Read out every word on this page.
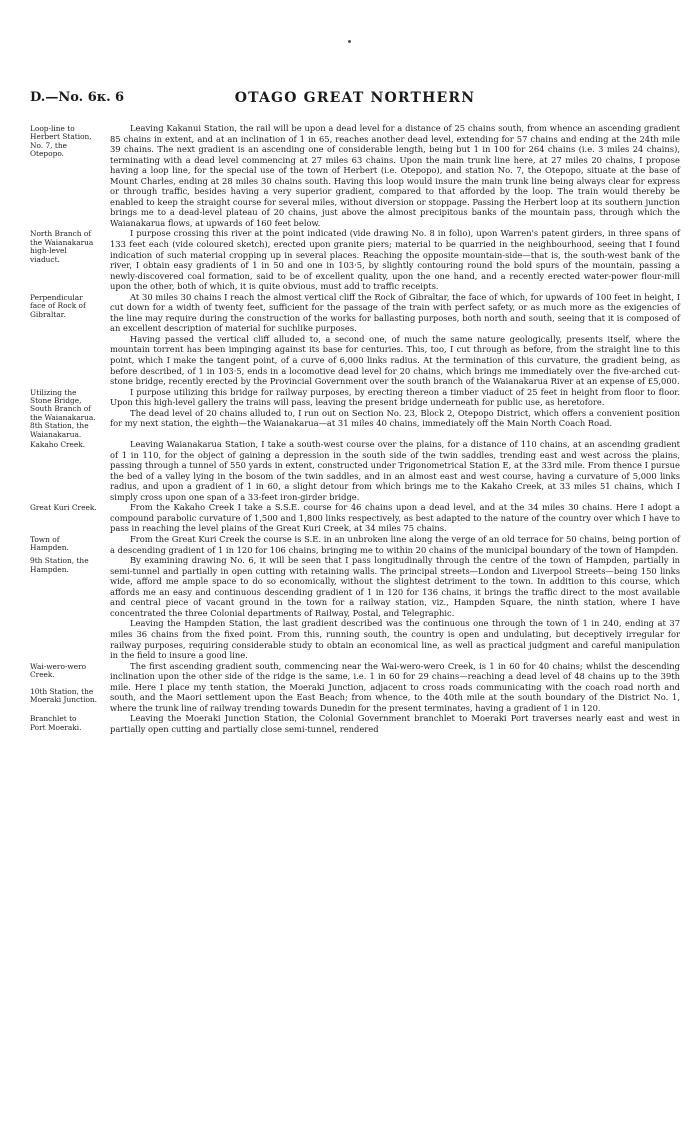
D.—No. 6ᴋ. 6	OTAGO GREAT NORTHERN
Loop-line to
Herbert Station,
No. 7, the
Otepopo.

Leaving Kakanui Station, the rail will be upon a dead level for a distance of 25 chains south, from whence an ascending gradient 85 chains in extent, and at an inclination of 1 in 65, reaches another dead level, extending for 57 chains and ending at the 24th mile 39 chains. The next gradient is an ascending one of considerable length, being but 1 in 100 for 264 chains (i.e. 3 miles 24 chains), terminating with a dead level commencing at 27 miles 63 chains. Upon the main trunk line here, at 27 miles 20 chains, I propose having a loop line, for the special use of the town of Herbert (i.e. Otepopo), and station No. 7, the Otepopo, situate at the base of Mount Charles, ending at 28 miles 30 chains south. Having this loop would insure the main trunk line being always clear for express or through traffic, besides having a very superior gradient, compared to that afforded by the loop. The train would thereby be enabled to keep the straight course for several miles, without diversion or stoppage. Passing the Herbert loop at its southern junction brings me to a dead-level plateau of 20 chains, just above the almost precipitous banks of the mountain pass, through which the Waianakarua flows, at upwards of 160 feet below.

North Branch of
the Waianakarua
high-level
viaduct.

I purpose crossing this river at the point indicated (vide drawing No. 8 in folio), upon Warren's patent girders, in three spans of 133 feet each (vide coloured sketch), erected upon granite piers; material to be quarried in the neighbourhood, seeing that I found indication of such material cropping up in several places. Reaching the opposite mountain-side—that is, the south-west bank of the river, I obtain easy gradients of 1 in 50 and one in 103·5, by slightly contouring round the bold spurs of the mountain, passing a newly-discovered coal formation, said to be of excellent quality, upon the one hand, and a recently erected water-power flour-mill upon the other, both of which, it is quite obvious, must add to traffic receipts.

Perpendicular
face of Rock of
Gibraltar.

At 30 miles 30 chains I reach the almost vertical cliff the Rock of Gibraltar, the face of which, for upwards of 100 feet in height, I cut down for a width of twenty feet, sufficient for the passage of the train with perfect safety, or as much more as the exigencies of the line may require during the construction of the works for ballasting purposes, both north and south, seeing that it is composed of an excellent description of material for suchlike purposes.

Having passed the vertical cliff alluded to, a second one, of much the same nature geologically, presents itself, where the mountain torrent has been impinging against its base for centuries. This, too, I cut through as before, from the straight line to this point, which I make the tangent point, of a curve of 6,000 links radius. At the termination of this curvature, the gradient being, as before described, of 1 in 103·5, ends in a locomotive dead level for 20 chains, which brings me immediately over the five-arched cut-stone bridge, recently erected by the Provincial Government over the south branch of the Waianakarua River at an expense of £5,000.

Utilizing the
Stone Bridge,
South Branch of
the Waianakarua.
8th Station, the
Waianakarua.

I purpose utilizing this bridge for railway purposes, by erecting thereon a timber viaduct of 25 feet in height from floor to floor. Upon this high-level gallery the trains will pass, leaving the present bridge underneath for public use, as heretofore.

The dead level of 20 chains alluded to, I run out on Section No. 23, Block 2, Otepopo District, which offers a convenient position for my next station, the eighth—the Waianakarua—at 31 miles 40 chains, immediately off the Main North Coach Road.

Kakaho Creek.	Leaving Waianakarua Station, I take a south-west course over the plains, for a distance of 110 chains, at an ascending gradient of 1 in 110, for the object of gaining a depression in the south side of the twin saddles, trending east and west across the plains, passing through a tunnel of 550 yards in extent, constructed under Trigonometrical Station E, at the 33rd mile. From thence I pursue the bed of a valley lying in the bosom of the twin saddles, and in an almost east and west course, having a curvature of 5,000 links radius, and upon a gradient of 1 in 60, a slight detour from which brings me to the Kakaho Creek, at 33 miles 51 chains, which I simply cross upon one span of a 33-feet iron-girder bridge.

Great Kuri Creek.	From the Kakaho Creek I take a S.S.E. course for 46 chains upon a dead level, and at the 34 miles 30 chains. Here I adopt a compound parabolic curvature of 1,500 and 1,800 links respectively, as best adapted to the nature of the country over which I have to pass in reaching the level plains of the Great Kuri Creek, at 34 miles 75 chains.

Town of
Hampden.

From the Great Kuri Creek the course is S.E. in an unbroken line along the verge of an old terrace for 50 chains, being portion of a descending gradient of 1 in 120 for 106 chains, bringing me to within 20 chains of the municipal boundary of the town of Hampden.

9th Station, the
Hampden.

By examining drawing No. 6, it will be seen that I pass longitudinally through the centre of the town of Hampden, partially in semi-tunnel and partially in open cutting with retaining walls. The principal streets—London and Liverpool Streets—being 150 links wide, afford me ample space to do so economically, without the slightest detriment to the town. In addition to this course, which affords me an easy and continuous descending gradient of 1 in 120 for 136 chains, it brings the traffic direct to the most available and central piece of vacant ground in the town for a railway station, viz., Hampden Square, the ninth station, where I have concentrated the three Colonial departments of Railway, Postal, and Telegraphic.

Leaving the Hampden Station, the last gradient described was the continuous one through the town of 1 in 240, ending at 37 miles 36 chains from the fixed point. From this, running south, the country is open and undulating, but deceptively irregular for railway purposes, requiring considerable study to obtain an economical line, as well as practical judgment and careful manipulation in the field to insure a good line.

Wai-wero-wero
Creek.

10th Station, the
Moeraki Junction.

The first ascending gradient south, commencing near the Wai-wero-wero Creek, is 1 in 60 for 40 chains; whilst the descending inclination upon the other side of the ridge is the same, i.e. 1 in 60 for 29 chains—reaching a dead level of 48 chains up to the 39th mile. Here I place my tenth station, the Moeraki Junction, adjacent to cross roads communicating with the coach road north and south, and the Maori settlement upon the East Beach; from whence, to the 40th mile at the south boundary of the District No. 1, where the trunk line of railway trending towards Dunedin for the present terminates, having a gradient of 1 in 120.

Branchlet to
Port Moeraki.

Leaving the Moeraki Junction Station, the Colonial Government branchlet to Moeraki Port traverses nearly east and west in partially open cutting and partially close semi-tunnel, rendered
